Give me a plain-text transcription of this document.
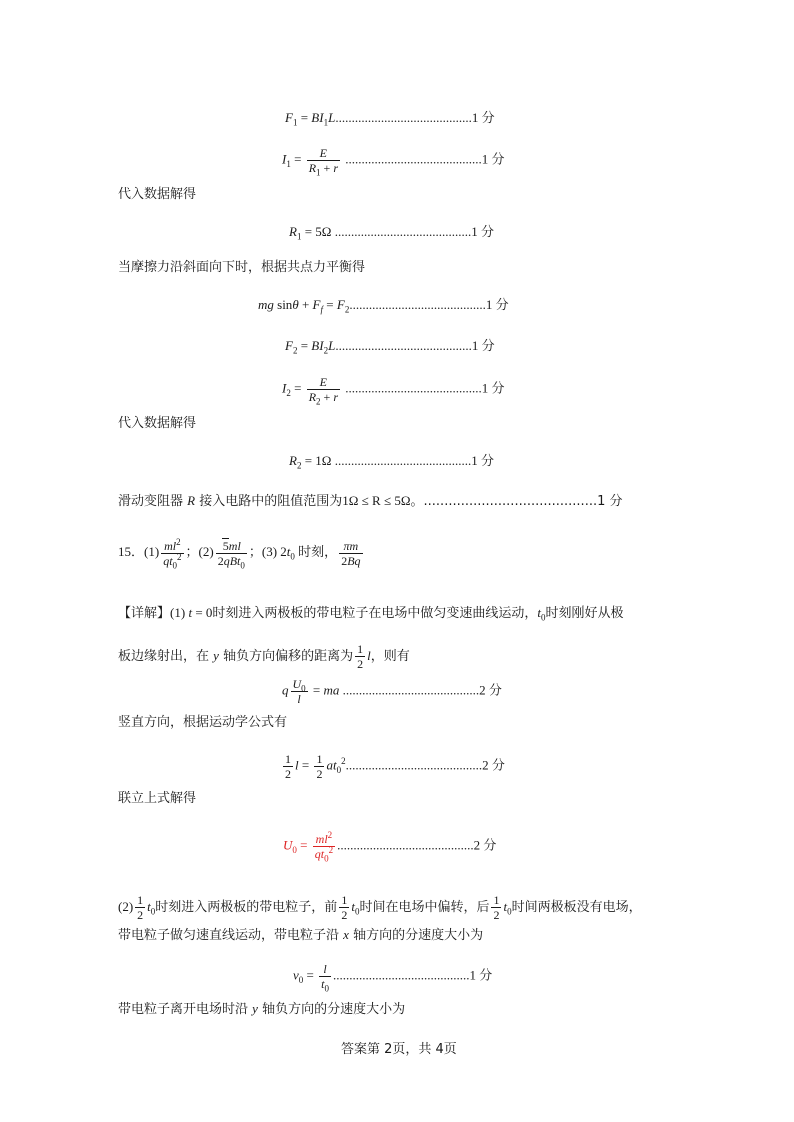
$F_1 = BI_1L..........................................1$ 分
$I_1 = \frac{E}{R_1 + r} ..........................................1$ 分
代入数据解得
$R_1 = 5\Omega$ ..........................................1 分
当摩擦力沿斜面向下时，根据共点力平衡得
mg $\sin\theta + F_f = F_2..........................................1$ 分
$F_2 = BI_2L..........................................1$ 分
$I_2 = \frac{E}{R_2 + r} ..........................................1$ 分
代入数据解得
$R_2 = 1\Omega$ ..........................................1 分
滑动变阻器 R 接入电路中的阻值范围为1Ω ≤ R ≤ 5Ω。..........................................1 分
15．$(1) \frac{ml^2}{qt_0^2}$ ；$(2) \frac{5ml}{2qBt_0}$ ；(3) $2t_0$ 时刻， $\frac{\pi m}{2Bq}$
【详解】(1) t = 0时刻进入两极板的带电粒子在电场中做匀变速曲线运动，$t_0$时刻刚好从极
板边缘射出，在 y 轴负方向偏移的距离为 $\frac{1}{2}$ l，则有
q $\frac{U_0}{l}$ = ma ..........................................2 分
竖直方向，根据运动学公式有
$\frac{1}{2}$ $l = \frac{1}{2} at_0^2..........................................2$ 分
联立上式解得
$U_0 = \frac{ml^2}{qt_0^2} ..........................................2$ 分
$(2) \frac{1}{2} t_0$时刻进入两极板的带电粒子，前 $\frac{1}{2} t_0$时间在电场中偏转，后 $\frac{1}{2} t_0$时间两极板没有电场，
带电粒子做匀速直线运动，带电粒子沿 x 轴方向的分速度大小为
$v_0 = \frac{l}{t_0} ..........................................1$ 分
带电粒子离开电场时沿 y 轴负方向的分速度大小为
答案第 2页，共 4页
